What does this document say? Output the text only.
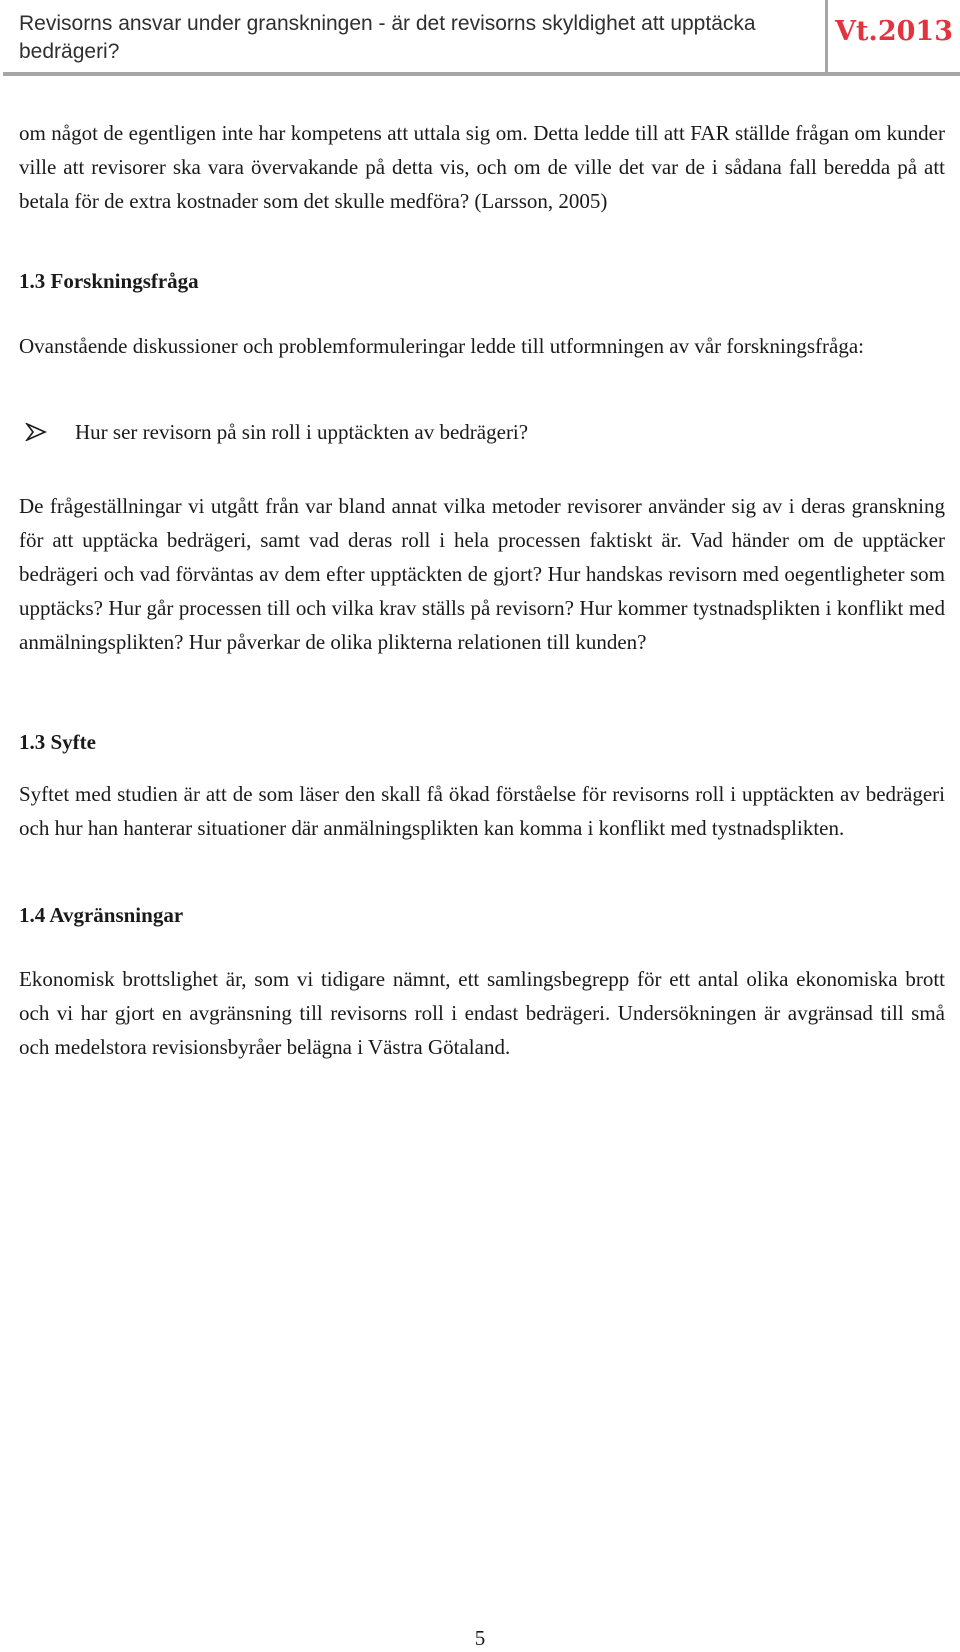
Revisorns ansvar under granskningen - är det revisorns skyldighet att upptäcka bedrägeri?
Vt.2013

om något de egentligen inte har kompetens att uttala sig om. Detta ledde till att FAR ställde frågan om kunder ville att revisorer ska vara övervakande på detta vis, och om de ville det var de i sådana fall beredda på att betala för de extra kostnader som det skulle medföra? (Larsson, 2005)

1.3 Forskningsfråga

Ovanstående diskussioner och problemformuleringar ledde till utformningen av vår forskningsfråga:

Hur ser revisorn på sin roll i upptäckten av bedrägeri?

De frågeställningar vi utgått från var bland annat vilka metoder revisorer använder sig av i deras granskning för att upptäcka bedrägeri, samt vad deras roll i hela processen faktiskt är. Vad händer om de upptäcker bedrägeri och vad förväntas av dem efter upptäckten de gjort? Hur handskas revisorn med oegentligheter som upptäcks? Hur går processen till och vilka krav ställs på revisorn? Hur kommer tystnadsplikten i konflikt med anmälningsplikten? Hur påverkar de olika plikterna relationen till kunden?

1.3 Syfte

Syftet med studien är att de som läser den skall få ökad förståelse för revisorns roll i upptäckten av bedrägeri och hur han hanterar situationer där anmälningsplikten kan komma i konflikt med tystnadsplikten.

1.4 Avgränsningar

Ekonomisk brottslighet är, som vi tidigare nämnt, ett samlingsbegrepp för ett antal olika ekonomiska brott och vi har gjort en avgränsning till revisorns roll i endast bedrägeri. Undersökningen är avgränsad till små och medelstora revisionsbyråer belägna i Västra Götaland.

5
